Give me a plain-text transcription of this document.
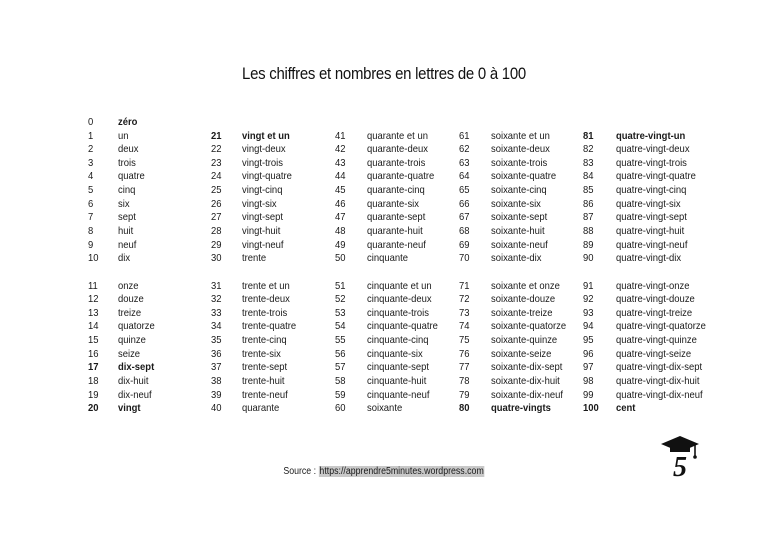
Les chiffres et nombres en lettres de 0 à 100
0 zéro
1 un
2 deux
3 trois
4 quatre
5 cinq
6 six
7 sept
8 huit
9 neuf
10 dix
11 onze
12 douze
13 treize
14 quatorze
15 quinze
16 seize
17 dix-sept
18 dix-huit
19 dix-neuf
20 vingt
21 vingt et un
22 vingt-deux
23 vingt-trois
24 vingt-quatre
25 vingt-cinq
26 vingt-six
27 vingt-sept
28 vingt-huit
29 vingt-neuf
30 trente
31 trente et un
32 trente-deux
33 trente-trois
34 trente-quatre
35 trente-cinq
36 trente-six
37 trente-sept
38 trente-huit
39 trente-neuf
40 quarante
41 quarante et un
42 quarante-deux
43 quarante-trois
44 quarante-quatre
45 quarante-cinq
46 quarante-six
47 quarante-sept
48 quarante-huit
49 quarante-neuf
50 cinquante
51 cinquante et un
52 cinquante-deux
53 cinquante-trois
54 cinquante-quatre
55 cinquante-cinq
56 cinquante-six
57 cinquante-sept
58 cinquante-huit
59 cinquante-neuf
60 soixante
61 soixante et un
62 soixante-deux
63 soixante-trois
64 soixante-quatre
65 soixante-cinq
66 soixante-six
67 soixante-sept
68 soixante-huit
69 soixante-neuf
70 soixante-dix
71 soixante et onze
72 soixante-douze
73 soixante-treize
74 soixante-quatorze
75 soixante-quinze
76 soixante-seize
77 soixante-dix-sept
78 soixante-dix-huit
79 soixante-dix-neuf
80 quatre-vingts
81 quatre-vingt-un
82 quatre-vingt-deux
83 quatre-vingt-trois
84 quatre-vingt-quatre
85 quatre-vingt-cinq
86 quatre-vingt-six
87 quatre-vingt-sept
88 quatre-vingt-huit
89 quatre-vingt-neuf
90 quatre-vingt-dix
91 quatre-vingt-onze
92 quatre-vingt-douze
93 quatre-vingt-treize
94 quatre-vingt-quatorze
95 quatre-vingt-quinze
96 quatre-vingt-seize
97 quatre-vingt-dix-sept
98 quatre-vingt-dix-huit
99 quatre-vingt-dix-neuf
100 cent
Source : https://apprendre5minutes.wordpress.com	5
